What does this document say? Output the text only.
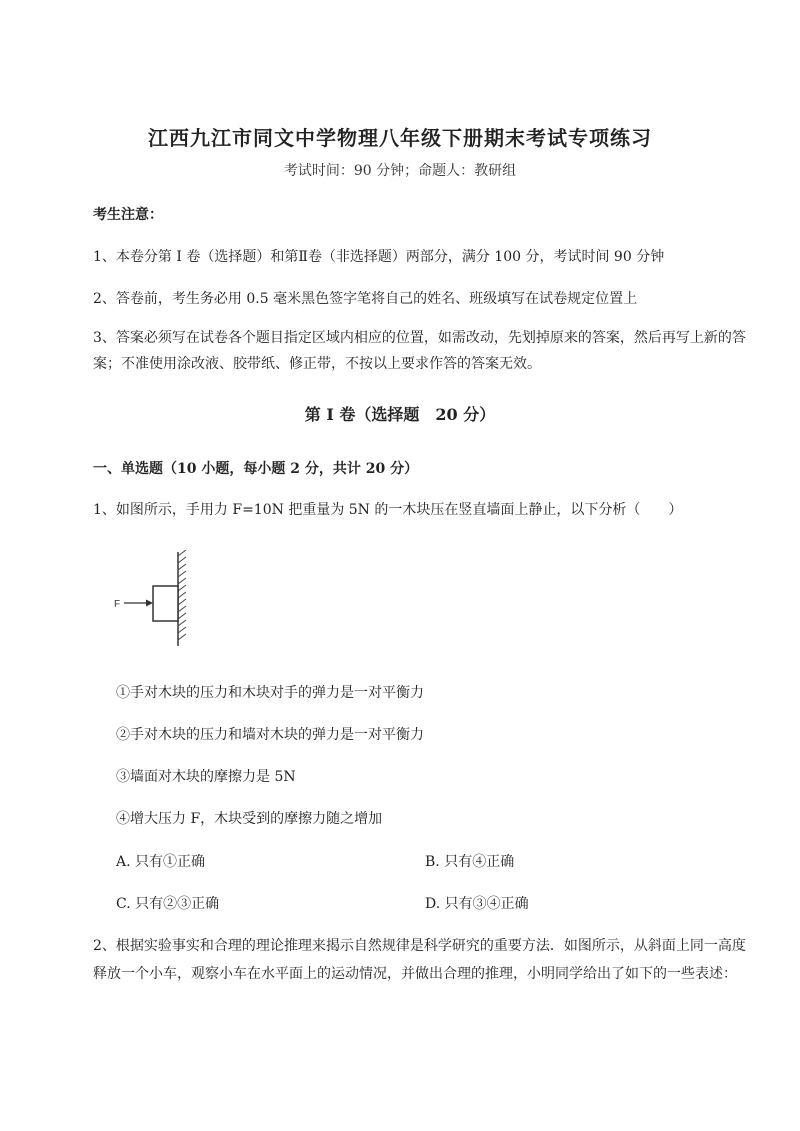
江西九江市同文中学物理八年级下册期末考试专项练习
考试时间：90 分钟；命题人：教研组
考生注意：
1、本卷分第 I 卷（选择题）和第Ⅱ卷（非选择题）两部分，满分 100 分，考试时间 90 分钟
2、答卷前，考生务必用 0.5 毫米黑色签字笔将自己的姓名、班级填写在试卷规定位置上
3、答案必须写在试卷各个题目指定区域内相应的位置，如需改动，先划掉原来的答案，然后再写上新的答案；不准使用涂改液、胶带纸、修正带，不按以上要求作答的答案无效。
第 I 卷（选择题　20 分）
一、单选题（10 小题，每小题 2 分，共计 20 分）
1、如图所示，手用力 F=10N 把重量为 5N 的一木块压在竖直墙面上静止，以下分析（　　）
F
①手对木块的压力和木块对手的弹力是一对平衡力
②手对木块的压力和墙对木块的弹力是一对平衡力
③墙面对木块的摩擦力是 5N
④增大压力 F，木块受到的摩擦力随之增加
A. 只有①正确	B. 只有④正确
C. 只有②③正确	D. 只有③④正确
2、根据实验事实和合理的理论推理来揭示自然规律是科学研究的重要方法．如图所示，从斜面上同一高度释放一个小车，观察小车在水平面上的运动情况，并做出合理的推理，小明同学给出了如下的一些表述：
